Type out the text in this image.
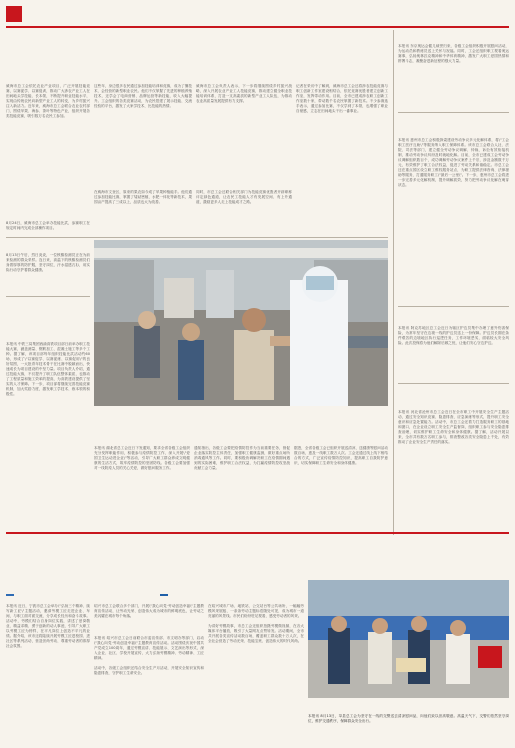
威海市总工会依托农业产业项目，广泛开展技能竞赛，以赛促学、以赛促训，推动广大涉农产业工人在田间地头学技能、长本领，不断提升职业技能水平，实现由传统农民向新型产业工人的转变，为乡村振兴注入新活力。近年来，威海市总工会联合农业农村部门，围绕苹果、海参、茶叶等特色产业，组织开展各类技能竞赛，吸引数万名农民工参加。
8月24日，威海市总工会举办技能比武，参赛职工在规定时间内完成全部操作项目。
这些年，身边很多农民通过参加技能培训和竞赛，成为了懂技术、会经营的新型职业农民。他们不仅掌握了先进的种植养殖技术，还学会了电商营销、品牌运营等新技能，收入大幅提升。工会组织的各类竞赛活动，为农民搭建了展示技能、交流经验的平台，激发了大家学技术、比技能的热情。
在威海市文登区，原来的果农如今成了苹果种植能手。他们通过参加技能比赛，掌握了矮砧密植、水肥一体化等新技术，果园亩产提高了三成以上，品质也大为改善。
威海市总工会负责人表示，下一步将继续围绕乡村振兴战略，深入开展农业产业工人技能竞赛，推动建立健全职业技能培训体系，打造一支高素质的新型产业工人队伍，为推动农业高质量发展提供有力支撑。
同时，市总工会还联合相关部门为技能竞赛优胜者开辟职称评定绿色通道，让农民工技能人才有发展空间、有上升通道，激励更多人走上技能成才之路。
记者在采访中了解到，威海市总工会还将涉农技能竞赛与职工创新工作室建设相结合，依托竞赛优胜者建立创新工作室，发挥带动作用。目前，全市已建成涉农职工创新工作室数十家，带动数千名农民掌握了新技术。不少参赛选手表示，通过参加比赛，不仅学到了本领，也增强了职业自豪感，立志在田间地头干出一番事业。
8月13日午后，烈日炎炎，一位核酸检测员正在为前来检测的群众采样。连日来，高温下的核酸检测员们身着厚厚的防护服，坚守岗位，汗水湿透衣衫，用实际行动守护着群众健康。
本报讯 中铁三局集团西渝高铁项目部日前举办职工技能大赛，涵盖测量、钢筋加工、混凝土施工等多个工种。据了解，该项目部每年组织技能比武活动约60场，形成了\"以赛促学、以赛促练、以赛促用\"的良好氛围，一大批青年技术骨干在比赛中脱颖而出，快速成长为项目建设的中坚力量。项目负责人介绍，通过技能大赛，不仅提升了职工队伍整体素质，也推动了工程质量和施工效率的提高，为高铁建设提供了坚实的人才保障。下一步，项目部将继续完善技能竞赛机制，加大奖励力度，激发职工学技术、练本领的积极性。
本报讯 湖北省总工会近日下发通知，要求全省各级工会组织充分发挥职能作用，积极参与疫情防控工作，深入开展\"爱国卫生运动进企业\"等活动，引导广大职工群众养成文明健康的生活方式，筑牢疫情防控的坚固防线。各级工会要加强对一线防疫人员的关心关爱，做好慰问服务工作。
通知指出，各级工会要把疫情防控作为当前重要任务，督促企业落实防控主体责任，加强职工健康监测，做好重点场所消毒通风等工作。同时，要积极协调解决职工在疫情期间遇到的实际困难，维护职工合法权益，为打赢疫情防控攻坚战贡献工会力量。
据悉，全省各级工会已组织开展送清凉、送健康等慰问活动数百场，惠及一线职工数万人次。工会还通过线上线下相结合的方式，广泛宣传疫情防控知识，提高职工自我防护意识，切实保障职工生命安全和身体健康。
本报讯 东京奥运会健儿载誉归来，各级工会组织积极开展慰问活动，为运动员和教练员送上关怀与祝福。同时，工会还组织职工观看奥运赛事，弘扬奥林匹克精神和中华体育精神，激发广大职工爱国热情和拼搏斗志，凝聚奋进新征程的强大力量。
本报讯 惠州市总工会积极探索建设劳动争议多元化解体系，将\"工会职工医疗互助\"等服务纳入职工保障体系。该市总工会联合人社、法院、司法等部门，建立健全劳动争议调解、仲裁、诉讼有效衔接机制，推动劳动争议纠纷及时就地化解。目前，全市已建成工会劳动争议调解组织数百个，成功调解劳动争议案件上千宗，涉及金额数千万元，有效维护了职工合法权益，促进了劳动关系和谐稳定。市总工会还在重点园区设立职工维权服务站点，为职工提供法律咨询、法律援助等服务，打通服务职工\"最后一公里\"。下一步，惠州市总工会将进一步完善多元化解机制，提升调解质效，努力把劳动争议化解在萌芽状态。
本报讯 阿克苏地区总工会近日为辖区护边员集中办理了意外伤害保险，为常年坚守在边境一线的护边员送上一份保障。护边员长期在条件艰苦的边境地区执行巡逻任务，工作环境恶劣，面临较大安全风险。此次投保将为他们解除后顾之忧，让他们安心守边护边。
本报讯 河北省沧州市总工会近日在全市职工中开展安全生产主题活动，通过安全知识竞赛、隐患排查、应急演练等形式，提升职工安全意识和应急处置能力。活动中，市总工会还着力打造服务职工的基地和窗口，在企业设立职工安全生产监督岗，组织职工参与安全隐患排查治理，切实维护职工生命安全和身体健康。据了解，活动开展以来，全市共有数万名职工参与，排查整改各类安全隐患上千处，有效推动了企业安全生产责任的落实。
本报讯 近日，宁波市总工会举办\"弘扬三个精神、续写新工匠\"主题活动，邀请劳模工匠走进企业、车间，与职工面对面交流，分享成长经历和奋斗故事。活动中，劳模们结合自身岗位实践，讲述了爱岗敬业、精益求精、勇于创新的动人事迹，引导广大职工以劳模工匠为榜样，在平凡岗位上创造不平凡的业绩。据介绍，该市还将陆续开展劳模工匠进校园、进社区等系列活动，营造崇尚劳动、尊重劳动者的浓厚社会氛围。
绍兴市总工会联合多个部门，开展\"我心向党·劳动创造幸福\"主题教育宣传活动，让劳动光荣、创造伟大成为城市的鲜明底色，让劳动之美闪耀在城市每个角落。
本报讯 绍兴市总工会日前联合市委宣传部、市文明办等部门，启动\"我心向党·劳动创造幸福\"主题教育宣传活动。活动围绕庆祝中国共产党成立100周年，通过劳模宣讲、技能展示、文艺演出等形式，深入企业、社区、学校开展宣传，大力弘扬劳模精神、劳动精神、工匠精神。

活动中，各级工会组织还结合安全生产月活动，开展安全知识宣传和隐患排查，守护职工生命安全。
在绍兴城市广场、地铁站、公交站台等公共场所，一幅幅劳模风采展板、一条条劳动主题标语随处可见，成为城市一道亮丽的风景线。市民们纷纷驻足观看，感受劳动者的风采。

为讲好劳模故事，市总工会还组织拍摄劳模微视频，在各大媒体平台播放，吸引了大量网友点赞转发。活动期间，全市共开展各类宣传活动数百场，覆盖职工群众数十万人次，在全社会营造了劳动光荣、技能宝贵、创造伟大的时代风尚。
本报讯 8月13日，莘县总工会为坚守在一线的交警送去清凉慰问品，向他们致以崇高敬意。高温天气下，交警们依然坚守岗位，维护交通秩序，保障群众安全出行。
